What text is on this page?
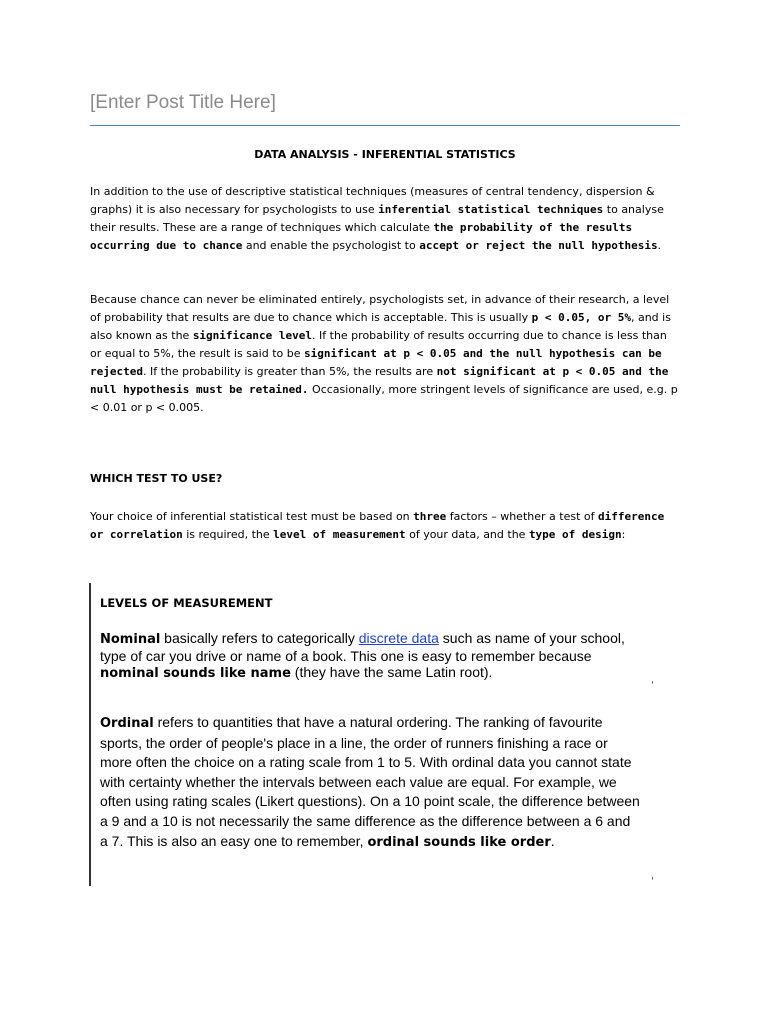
[Enter Post Title Here]
DATA ANALYSIS - INFERENTIAL STATISTICS

In addition to the use of descriptive statistical techniques (measures of central tendency, dispersion & graphs) it is also necessary for psychologists to use inferential statistical techniques to analyse their results. These are a range of techniques which calculate the probability of the results occurring due to chance and enable the psychologist to accept or reject the null hypothesis.

Because chance can never be eliminated entirely, psychologists set, in advance of their research, a level of probability that results are due to chance which is acceptable. This is usually p < 0.05, or 5%, and is also known as the significance level. If the probability of results occurring due to chance is less than or equal to 5%, the result is said to be significant at p < 0.05 and the null hypothesis can be rejected. If the probability is greater than 5%, the results are not significant at p < 0.05 and the null hypothesis must be retained. Occasionally, more stringent levels of significance are used, e.g. p < 0.01 or p < 0.005.

WHICH TEST TO USE?

Your choice of inferential statistical test must be based on three factors – whether a test of difference or correlation is required, the level of measurement of your data, and the type of design:

LEVELS OF MEASUREMENT

Nominal basically refers to categorically discrete data such as name of your school, type of car you drive or name of a book. This one is easy to remember because nominal sounds like name (they have the same Latin root).

'

Ordinal refers to quantities that have a natural ordering. The ranking of favourite sports, the order of people's place in a line, the order of runners finishing a race or more often the choice on a rating scale from 1 to 5. With ordinal data you cannot state with certainty whether the intervals between each value are equal. For example, we often using rating scales (Likert questions). On a 10 point scale, the difference between a 9 and a 10 is not necessarily the same difference as the difference between a 6 and a 7. This is also an easy one to remember, ordinal sounds like order.

'
